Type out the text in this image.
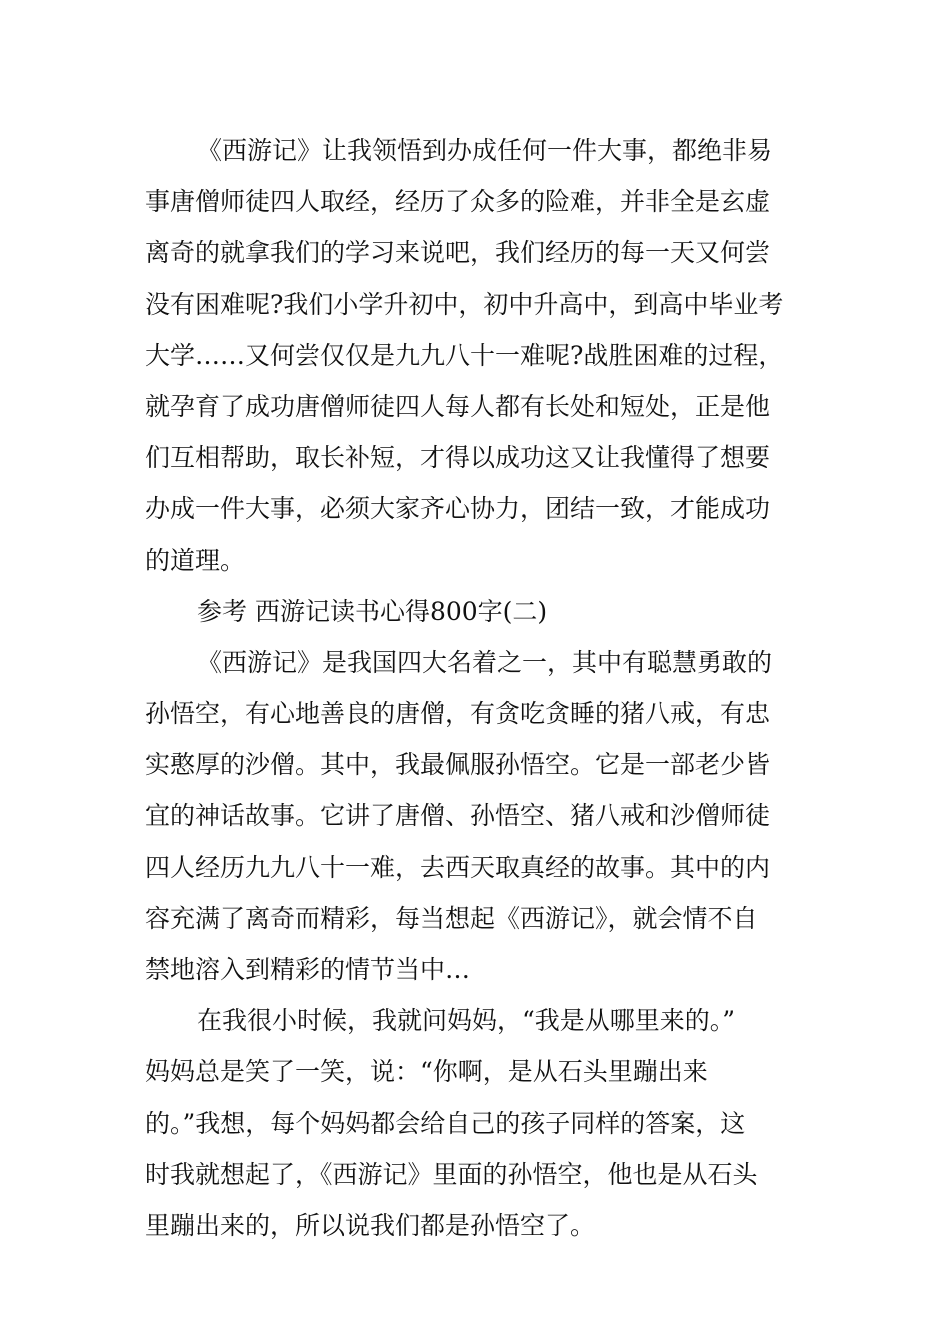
《西游记》让我领悟到办成任何一件大事，都绝非易
事唐僧师徒四人取经，经历了众多的险难，并非全是玄虚
离奇的就拿我们的学习来说吧，我们经历的每一天又何尝
没有困难呢?我们小学升初中，初中升高中，到高中毕业考
大学……又何尝仅仅是九九八十一难呢?战胜困难的过程，
就孕育了成功唐僧师徒四人每人都有长处和短处，正是他
们互相帮助，取长补短，才得以成功这又让我懂得了想要
办成一件大事，必须大家齐心协力，团结一致，才能成功
的道理。
参考 西游记读书心得800字(二)
《西游记》是我国四大名着之一，其中有聪慧勇敢的
孙悟空，有心地善良的唐僧，有贪吃贪睡的猪八戒，有忠
实憨厚的沙僧。其中，我最佩服孙悟空。它是一部老少皆
宜的神话故事。它讲了唐僧、孙悟空、猪八戒和沙僧师徒
四人经历九九八十一难，去西天取真经的故事。其中的内
容充满了离奇而精彩，每当想起《西游记》，就会情不自
禁地溶入到精彩的情节当中…
在我很小时候，我就问妈妈，“我是从哪里来的。”
妈妈总是笑了一笑，说：“你啊，是从石头里蹦出来
的。”我想，每个妈妈都会给自己的孩子同样的答案，这
时我就想起了，《西游记》里面的孙悟空，他也是从石头
里蹦出来的，所以说我们都是孙悟空了。
